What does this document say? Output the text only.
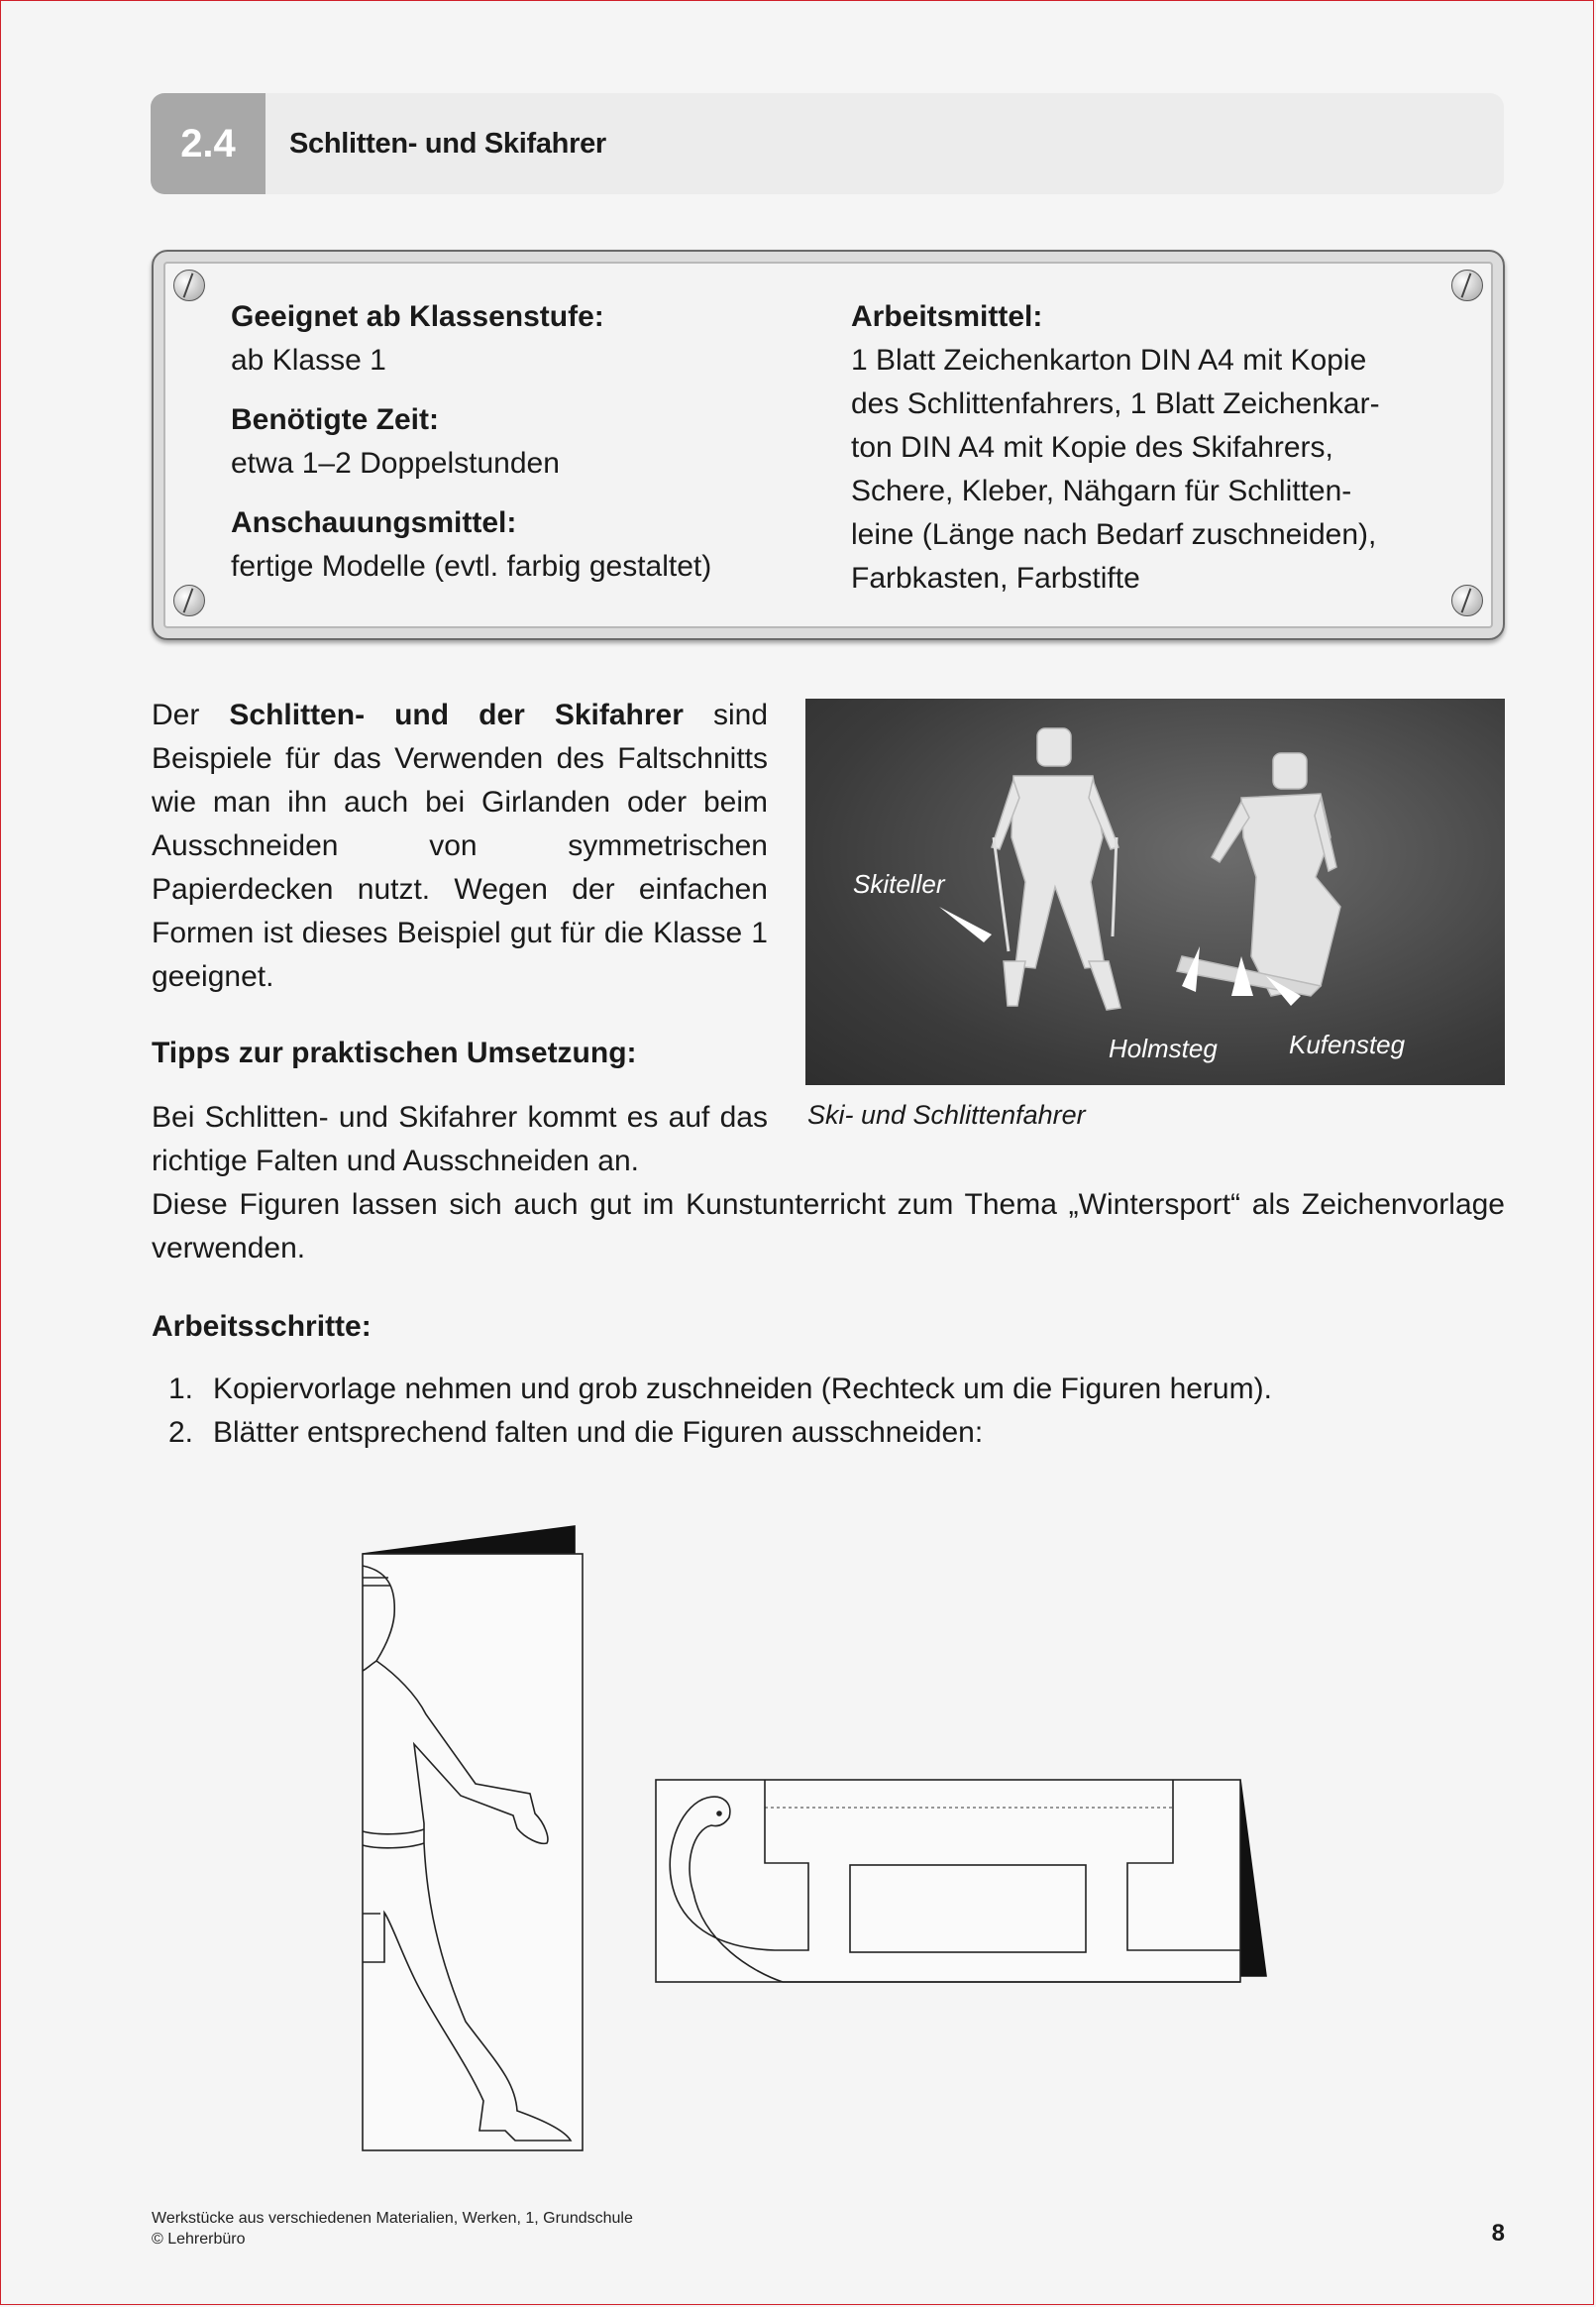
2.4	Schlitten- und Skifahrer
Geeignet ab Klassenstufe:
ab Klasse 1
Benötigte Zeit:
etwa 1–2 Doppelstunden
Anschauungsmittel:
fertige Modelle (evtl. farbig gestaltet)
Arbeitsmittel:
1 Blatt Zeichenkarton DIN A4 mit Kopie
des Schlittenfahrers, 1 Blatt Zeichenkar-
ton DIN A4 mit Kopie des Skifahrers,
Schere, Kleber, Nähgarn für Schlitten-
leine (Länge nach Bedarf zuschneiden),
Farbkasten, Farbstifte
Der Schlitten- und der Skifahrer sind Beispiele für das Verwenden des Faltschnitts wie man ihn auch bei Girlanden oder beim Ausschneiden von symmetrischen Papierdecken nutzt. Wegen der einfachen Formen ist dieses Beispiel gut für die Klasse 1 geeignet.
Skiteller
Holmsteg	Kufensteg
Ski- und Schlittenfahrer
Tipps zur praktischen Umsetzung:
Bei Schlitten- und Skifahrer kommt es auf das richtige Falten und Ausschneiden an.
Diese Figuren lassen sich auch gut im Kunstunterricht zum Thema „Wintersport“ als Zeichenvorlage verwenden.
Arbeitsschritte:
1. Kopiervorlage nehmen und grob zuschneiden (Rechteck um die Figuren herum).
2. Blätter entsprechend falten und die Figuren ausschneiden:
Werkstücke aus verschiedenen Materialien, Werken, 1, Grundschule
© Lehrerbüro	8
